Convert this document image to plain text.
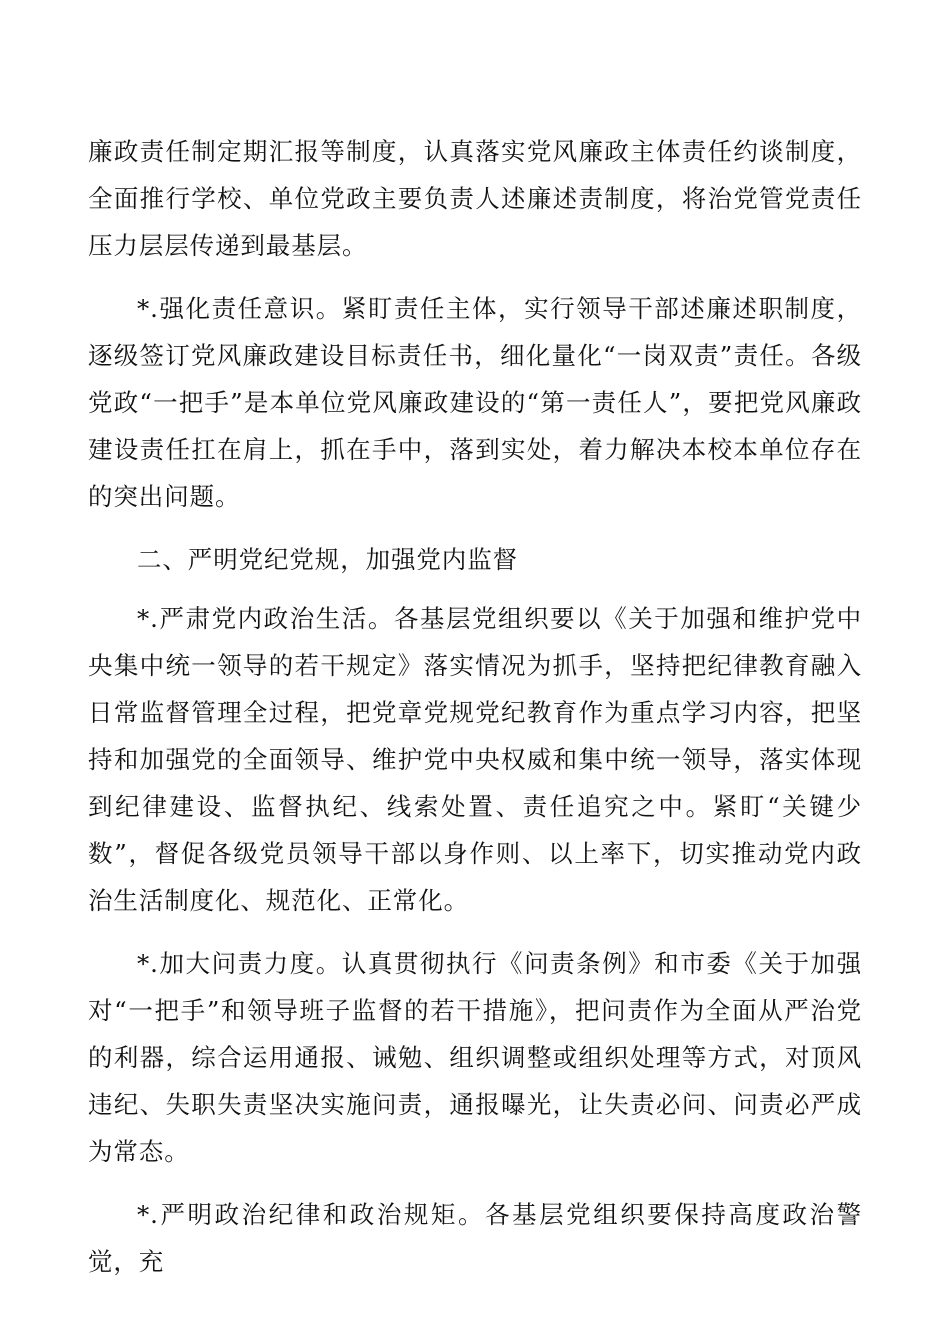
廉政责任制定期汇报等制度，认真落实党风廉政主体责任约谈制度，全面推行学校、单位党政主要负责人述廉述责制度，将治党管党责任压力层层传递到最基层。

*.强化责任意识。紧盯责任主体，实行领导干部述廉述职制度，逐级签订党风廉政建设目标责任书，细化量化“一岗双责”责任。各级党政“一把手”是本单位党风廉政建设的“第一责任人”，要把党风廉政建设责任扛在肩上，抓在手中，落到实处，着力解决本校本单位存在的突出问题。

二、严明党纪党规，加强党内监督

*.严肃党内政治生活。各基层党组织要以《关于加强和维护党中央集中统一领导的若干规定》落实情况为抓手，坚持把纪律教育融入日常监督管理全过程，把党章党规党纪教育作为重点学习内容，把坚持和加强党的全面领导、维护党中央权威和集中统一领导，落实体现到纪律建设、监督执纪、线索处置、责任追究之中。紧盯“关键少数”，督促各级党员领导干部以身作则、以上率下，切实推动党内政治生活制度化、规范化、正常化。

*.加大问责力度。认真贯彻执行《问责条例》和市委《关于加强对“一把手”和领导班子监督的若干措施》，把问责作为全面从严治党的利器，综合运用通报、诫勉、组织调整或组织处理等方式，对顶风违纪、失职失责坚决实施问责，通报曝光，让失责必问、问责必严成为常态。

*.严明政治纪律和政治规矩。各基层党组织要保持高度政治警觉，充
